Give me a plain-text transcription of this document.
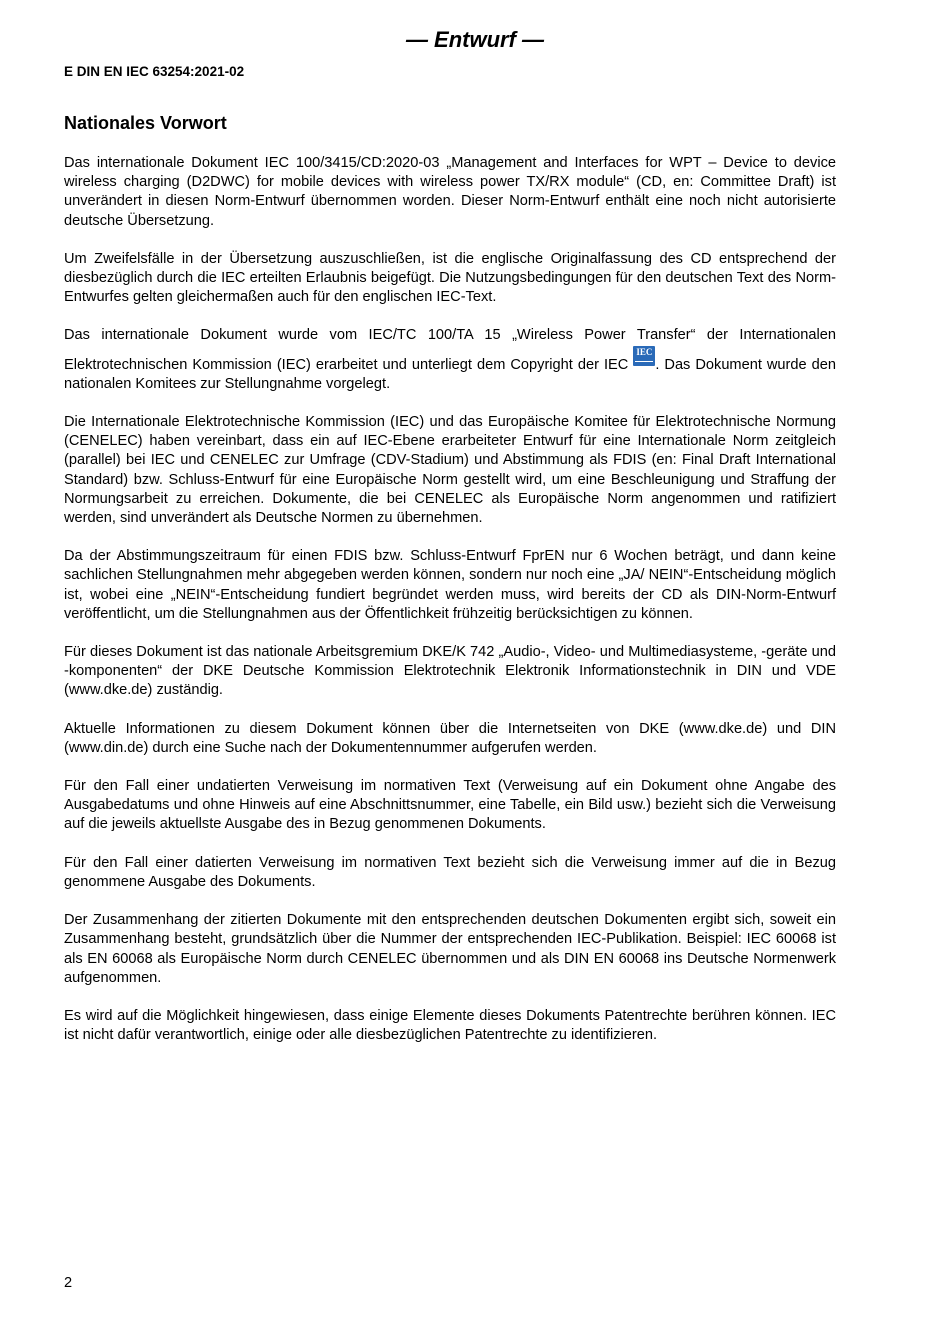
— Entwurf —
E DIN EN IEC 63254:2021-02
Nationales Vorwort

Das internationale Dokument IEC 100/3415/CD:2020-03 „Management and Interfaces for WPT – Device to device wireless charging (D2DWC) for mobile devices with wireless power TX/RX module“ (CD, en: Committee Draft) ist unverändert in diesen Norm-Entwurf übernommen worden. Dieser Norm-Entwurf enthält eine noch nicht autorisierte deutsche Übersetzung.

Um Zweifelsfälle in der Übersetzung auszuschließen, ist die englische Originalfassung des CD entsprechend der diesbezüglich durch die IEC erteilten Erlaubnis beigefügt. Die Nutzungsbedingungen für den deutschen Text des Norm-Entwurfes gelten gleichermaßen auch für den englischen IEC-Text.

Das internationale Dokument wurde vom IEC/TC 100/TA 15 „Wireless Power Transfer“ der Internationalen Elektrotechnischen Kommission (IEC) erarbeitet und unterliegt dem Copyright der IEC IEC. Das Dokument wurde den nationalen Komitees zur Stellungnahme vorgelegt.

Die Internationale Elektrotechnische Kommission (IEC) und das Europäische Komitee für Elektrotechnische Normung (CENELEC) haben vereinbart, dass ein auf IEC-Ebene erarbeiteter Entwurf für eine Internationale Norm zeitgleich (parallel) bei IEC und CENELEC zur Umfrage (CDV-Stadium) und Abstimmung als FDIS (en: Final Draft International Standard) bzw. Schluss-Entwurf für eine Europäische Norm gestellt wird, um eine Beschleunigung und Straffung der Normungsarbeit zu erreichen. Dokumente, die bei CENELEC als Europäische Norm angenommen und ratifiziert werden, sind unverändert als Deutsche Normen zu übernehmen.

Da der Abstimmungszeitraum für einen FDIS bzw. Schluss-Entwurf FprEN nur 6 Wochen beträgt, und dann keine sachlichen Stellungnahmen mehr abgegeben werden können, sondern nur noch eine „JA/ NEIN“-Entscheidung möglich ist, wobei eine „NEIN“-Entscheidung fundiert begründet werden muss, wird bereits der CD als DIN-Norm-Entwurf veröffentlicht, um die Stellungnahmen aus der Öffentlichkeit frühzeitig berücksichtigen zu können.

Für dieses Dokument ist das nationale Arbeitsgremium DKE/K 742 „Audio-, Video- und Multimediasysteme, -geräte und -komponenten“ der DKE Deutsche Kommission Elektrotechnik Elektronik Informationstechnik in DIN und VDE (www.dke.de) zuständig.

Aktuelle Informationen zu diesem Dokument können über die Internetseiten von DKE (www.dke.de) und DIN (www.din.de) durch eine Suche nach der Dokumentennummer aufgerufen werden.

Für den Fall einer undatierten Verweisung im normativen Text (Verweisung auf ein Dokument ohne Angabe des Ausgabedatums und ohne Hinweis auf eine Abschnittsnummer, eine Tabelle, ein Bild usw.) bezieht sich die Verweisung auf die jeweils aktuellste Ausgabe des in Bezug genommenen Dokuments.

Für den Fall einer datierten Verweisung im normativen Text bezieht sich die Verweisung immer auf die in Bezug genommene Ausgabe des Dokuments.

Der Zusammenhang der zitierten Dokumente mit den entsprechenden deutschen Dokumenten ergibt sich, soweit ein Zusammenhang besteht, grundsätzlich über die Nummer der entsprechenden IEC-Publikation. Beispiel: IEC 60068 ist als EN 60068 als Europäische Norm durch CENELEC übernommen und als DIN EN 60068 ins Deutsche Normenwerk aufgenommen.

Es wird auf die Möglichkeit hingewiesen, dass einige Elemente dieses Dokuments Patentrechte berühren können. IEC ist nicht dafür verantwortlich, einige oder alle diesbezüglichen Patentrechte zu identifizieren.

2
